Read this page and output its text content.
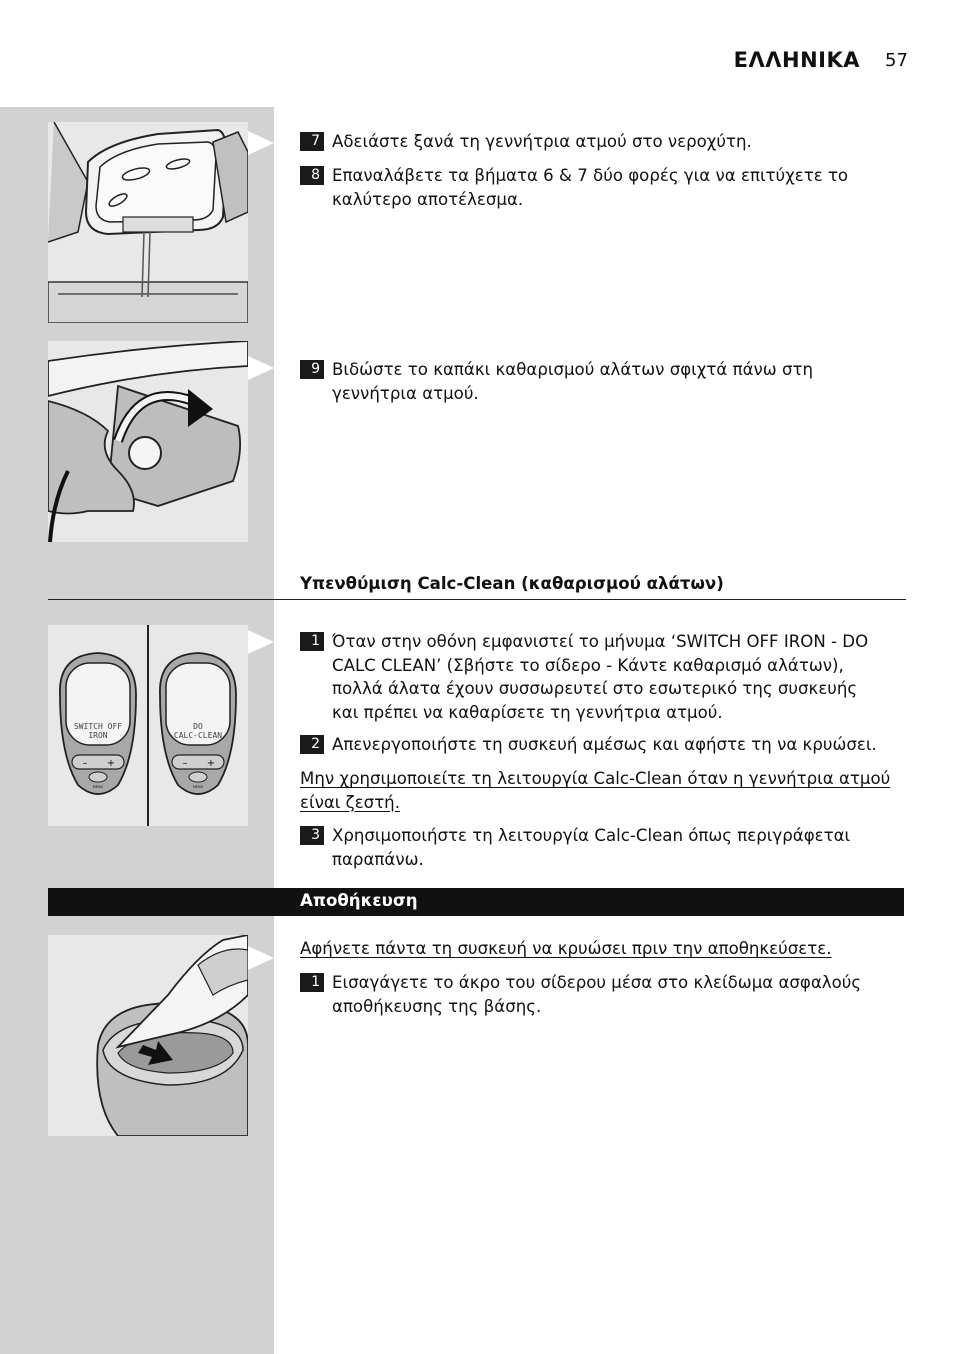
ΕΛΛΗΝΙΚΑ 57
7 Αδειάστε ξανά τη γεννήτρια ατμού στο νεροχύτη.
8 Επαναλάβετε τα βήματα 6 & 7 δύο φορές για να επιτύχετε το καλύτερο αποτέλεσμα.
9 Βιδώστε το καπάκι καθαρισμού αλάτων σφιχτά πάνω στη γεννήτρια ατμού.
Υπενθύμιση Calc-Clean (καθαρισμού αλάτων)
SWITCH OFF
IRON
– +
MENU
DO
CALC-CLEAN
– +
MENU
1 Όταν στην οθόνη εμφανιστεί το μήνυμα ‘SWITCH OFF IRON - DO CALC CLEAN’ (Σβήστε το σίδερο - Κάντε καθαρισμό αλάτων), πολλά άλατα έχουν συσσωρευτεί στο εσωτερικό της συσκευής και πρέπει να καθαρίσετε τη γεννήτρια ατμού.
2 Απενεργοποιήστε τη συσκευή αμέσως και αφήστε τη να κρυώσει.
Μην χρησιμοποιείτε τη λειτουργία Calc-Clean όταν η γεννήτρια ατμού είναι ζεστή.
3 Χρησιμοποιήστε τη λειτουργία Calc-Clean όπως περιγράφεται παραπάνω.
Αποθήκευση
Αφήνετε πάντα τη συσκευή να κρυώσει πριν την αποθηκεύσετε.
1 Εισαγάγετε το άκρο του σίδερου μέσα στο κλείδωμα ασφαλούς αποθήκευσης της βάσης.
